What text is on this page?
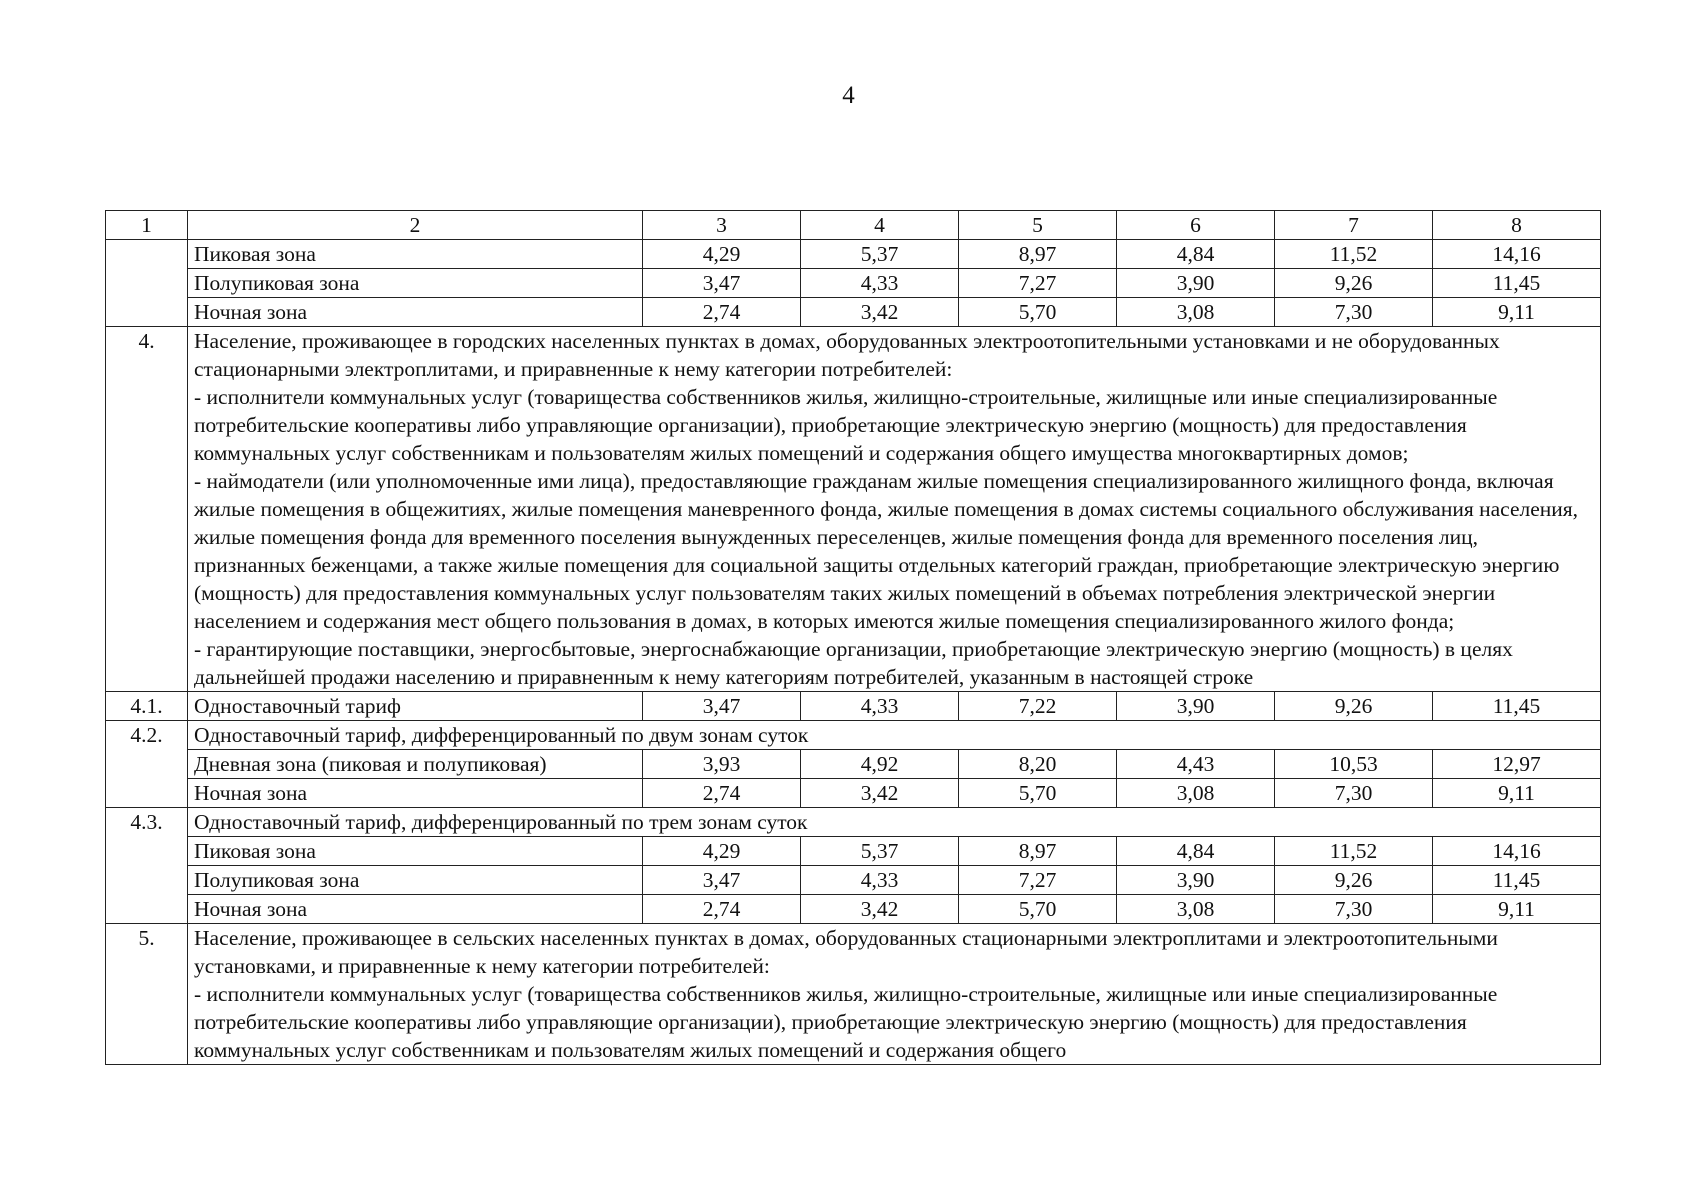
4
1	2	3	4	5	6	7	8
	Пиковая зона	4,29	5,37	8,97	4,84	11,52	14,16
	Полупиковая зона	3,47	4,33	7,27	3,90	9,26	11,45
	Ночная зона	2,74	3,42	5,70	3,08	7,30	9,11
4.	Население, проживающее в городских населенных пунктах в домах, оборудованных электроотопительными установками и не оборудованных стационарными электроплитами, и приравненные к нему категории потребителей:
- исполнители коммунальных услуг (товарищества собственников жилья, жилищно-строительные, жилищные или иные специализированные потребительские кооперативы либо управляющие организации), приобретающие электрическую энергию (мощность) для предоставления коммунальных услуг собственникам и пользователям жилых помещений и содержания общего имущества многоквартирных домов;
- наймодатели (или уполномоченные ими лица), предоставляющие гражданам жилые помещения специализированного жилищного фонда, включая жилые помещения в общежитиях, жилые помещения маневренного фонда, жилые помещения в домах системы социального обслуживания населения, жилые помещения фонда для временного поселения вынужденных переселенцев, жилые помещения фонда для временного поселения лиц, признанных беженцами, а также жилые помещения для социальной защиты отдельных категорий граждан, приобретающие электрическую энергию (мощность) для предоставления коммунальных услуг пользователям таких жилых помещений в объемах потребления электрической энергии населением и содержания мест общего пользования в домах, в которых имеются жилые помещения специализированного жилого фонда;
- гарантирующие поставщики, энергосбытовые, энергоснабжающие организации, приобретающие электрическую энергию (мощность) в целях дальнейшей продажи населению и приравненным к нему категориям потребителей, указанным в настоящей строке						

4.1.	Одноставочный тариф	3,47	4,33	7,22	3,90	9,26	11,45
4.2.	Одноставочный тариф, дифференцированный по двум зонам суток						
	Дневная зона (пиковая и полупиковая)	3,93	4,92	8,20	4,43	10,53	12,97
	Ночная зона	2,74	3,42	5,70	3,08	7,30	9,11
4.3.	Одноставочный тариф, дифференцированный по трем зонам суток						
	Пиковая зона	4,29	5,37	8,97	4,84	11,52	14,16
	Полупиковая зона	3,47	4,33	7,27	3,90	9,26	11,45
	Ночная зона	2,74	3,42	5,70	3,08	7,30	9,11
5.	Население, проживающее в сельских населенных пунктах в домах, оборудованных стационарными электроплитами и электроотопительными установками, и приравненные к нему категории потребителей:
- исполнители коммунальных услуг (товарищества собственников жилья, жилищно-строительные, жилищные или иные специализированные потребительские кооперативы либо управляющие организации), приобретающие электрическую энергию (мощность) для предоставления коммунальных услуг собственникам и пользователям жилых помещений и содержания общего						
